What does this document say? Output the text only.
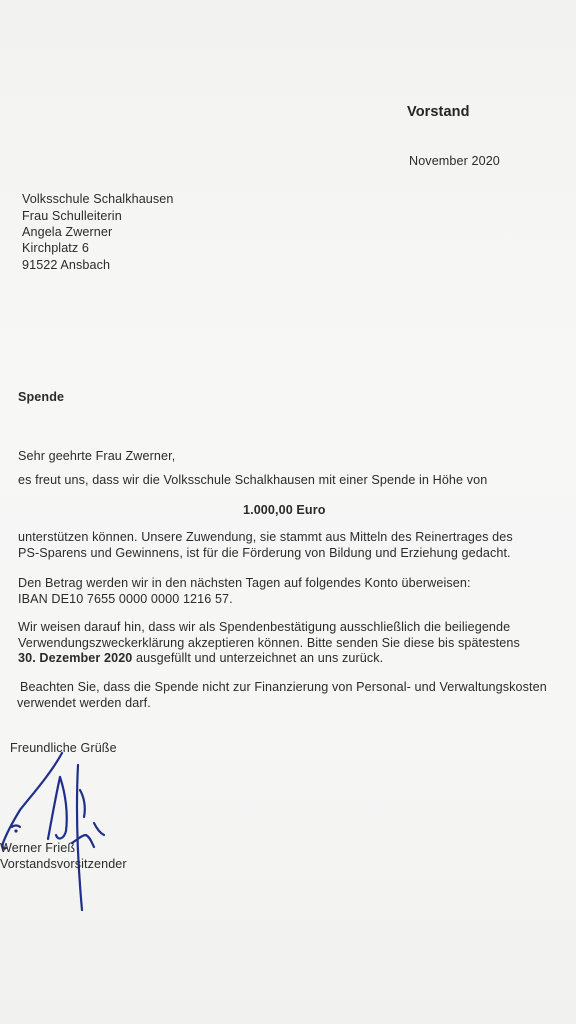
Vorstand
November 2020
Volksschule Schalkhausen
Frau Schulleiterin
Angela Zwerner
Kirchplatz 6
91522 Ansbach
Spende
Sehr geehrte Frau Zwerner,
es freut uns, dass wir die Volksschule Schalkhausen mit einer Spende in Höhe von
1.000,00 Euro
unterstützen können. Unsere Zuwendung, sie stammt aus Mitteln des Reinertrages des
PS-Sparens und Gewinnens, ist für die Förderung von Bildung und Erziehung gedacht.
Den Betrag werden wir in den nächsten Tagen auf folgendes Konto überweisen:
IBAN DE10 7655 0000 0000 1216 57.
Wir weisen darauf hin, dass wir als Spendenbestätigung ausschließlich die beiliegende
Verwendungszweckerklärung akzeptieren können. Bitte senden Sie diese bis spätestens
30. Dezember 2020 ausgefüllt und unterzeichnet an uns zurück.
Beachten Sie, dass die Spende nicht zur Finanzierung von Personal- und Verwaltungskosten
verwendet werden darf.
Freundliche Grüße
Werner Frieß
Vorstandsvorsitzender
